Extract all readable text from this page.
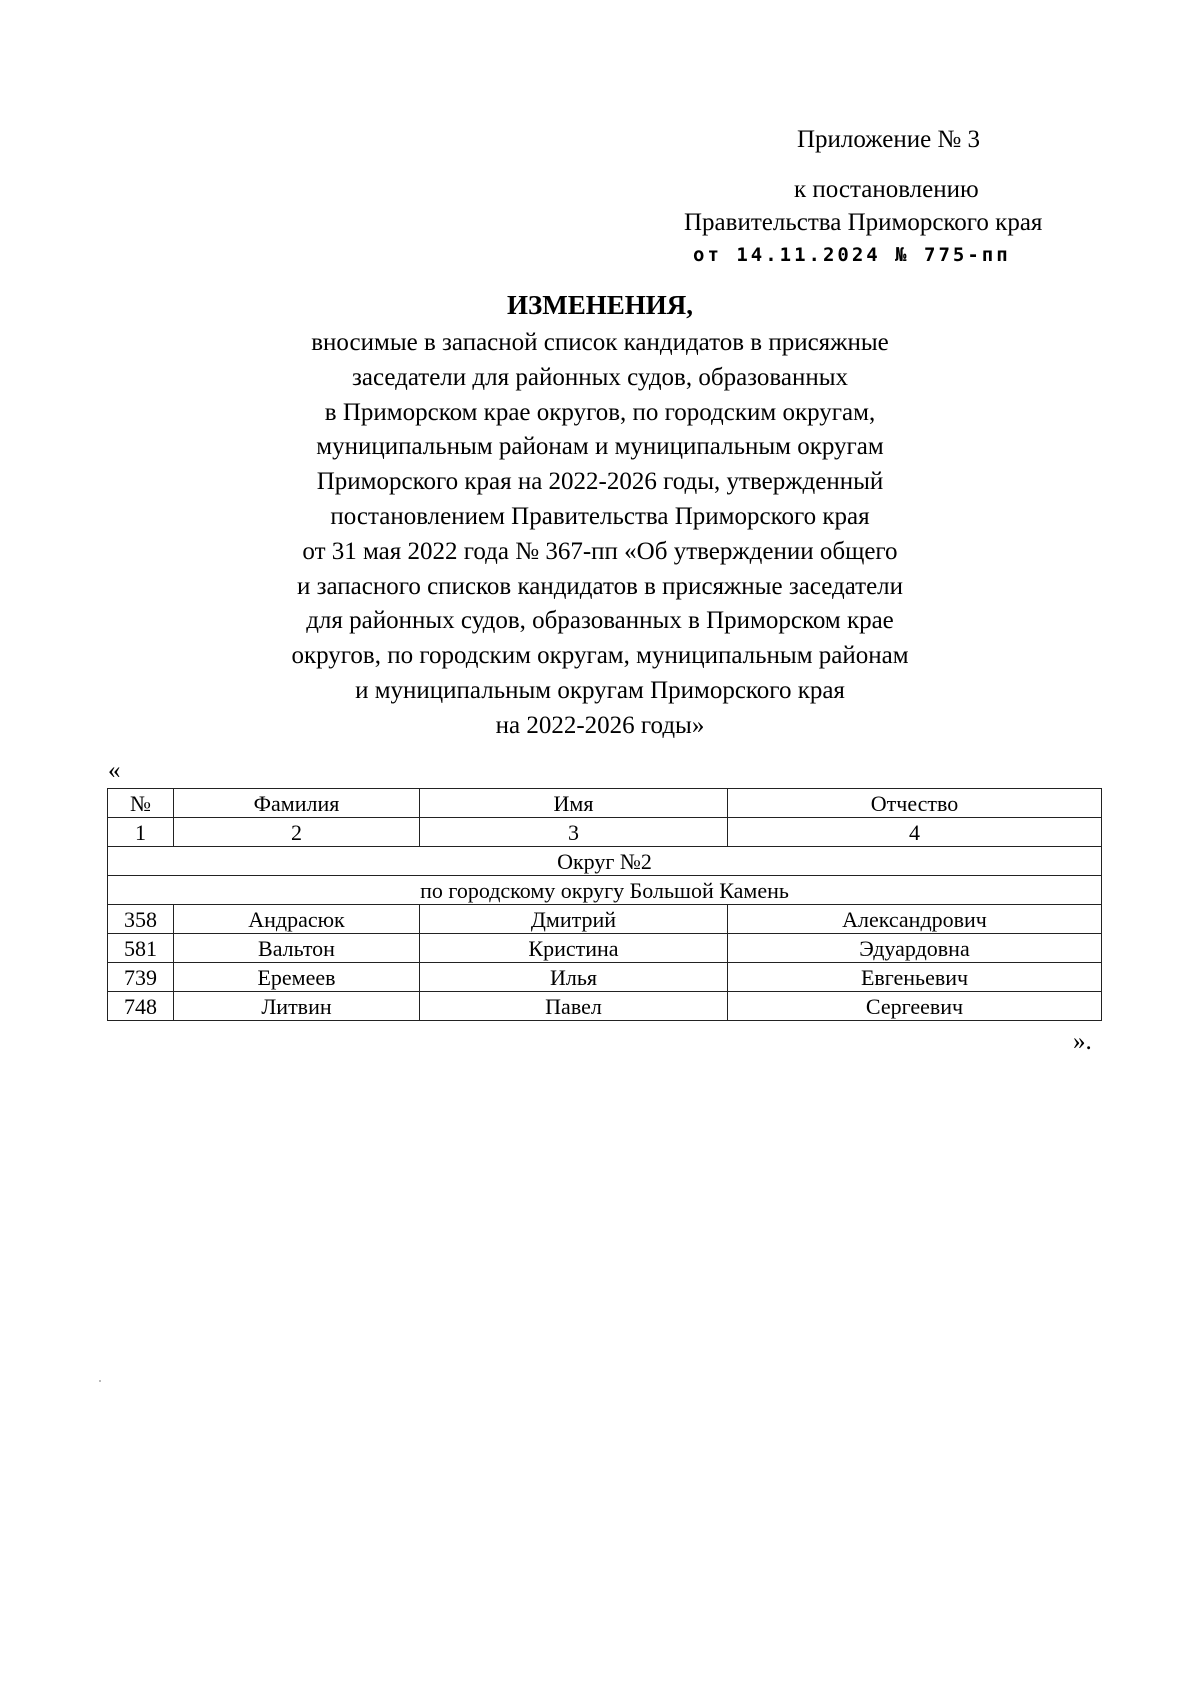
Приложение № 3
к постановлению
Правительства Приморского края
от 14.11.2024 № 775-пп
ИЗМЕНЕНИЯ,
вносимые в запасной список кандидатов в присяжные
заседатели для районных судов, образованных
в Приморском крае округов, по городским округам,
муниципальным районам и муниципальным округам
Приморского края на 2022-2026 годы, утвержденный
постановлением Правительства Приморского края
от 31 мая 2022 года № 367-пп «Об утверждении общего
и запасного списков кандидатов в присяжные заседатели
для районных судов, образованных в Приморском крае
округов, по городским округам, муниципальным районам
и муниципальным округам Приморского края
на 2022-2026 годы»
«
№	Фамилия	Имя	Отчество
1	2	3	4
Округ №2			
по городскому округу Большой Камень			
358	Андрасюк	Дмитрий	Александрович
581	Вальтон	Кристина	Эдуардовна
739	Еремеев	Илья	Евгеньевич
748	Литвин	Павел	Сергеевич
».
